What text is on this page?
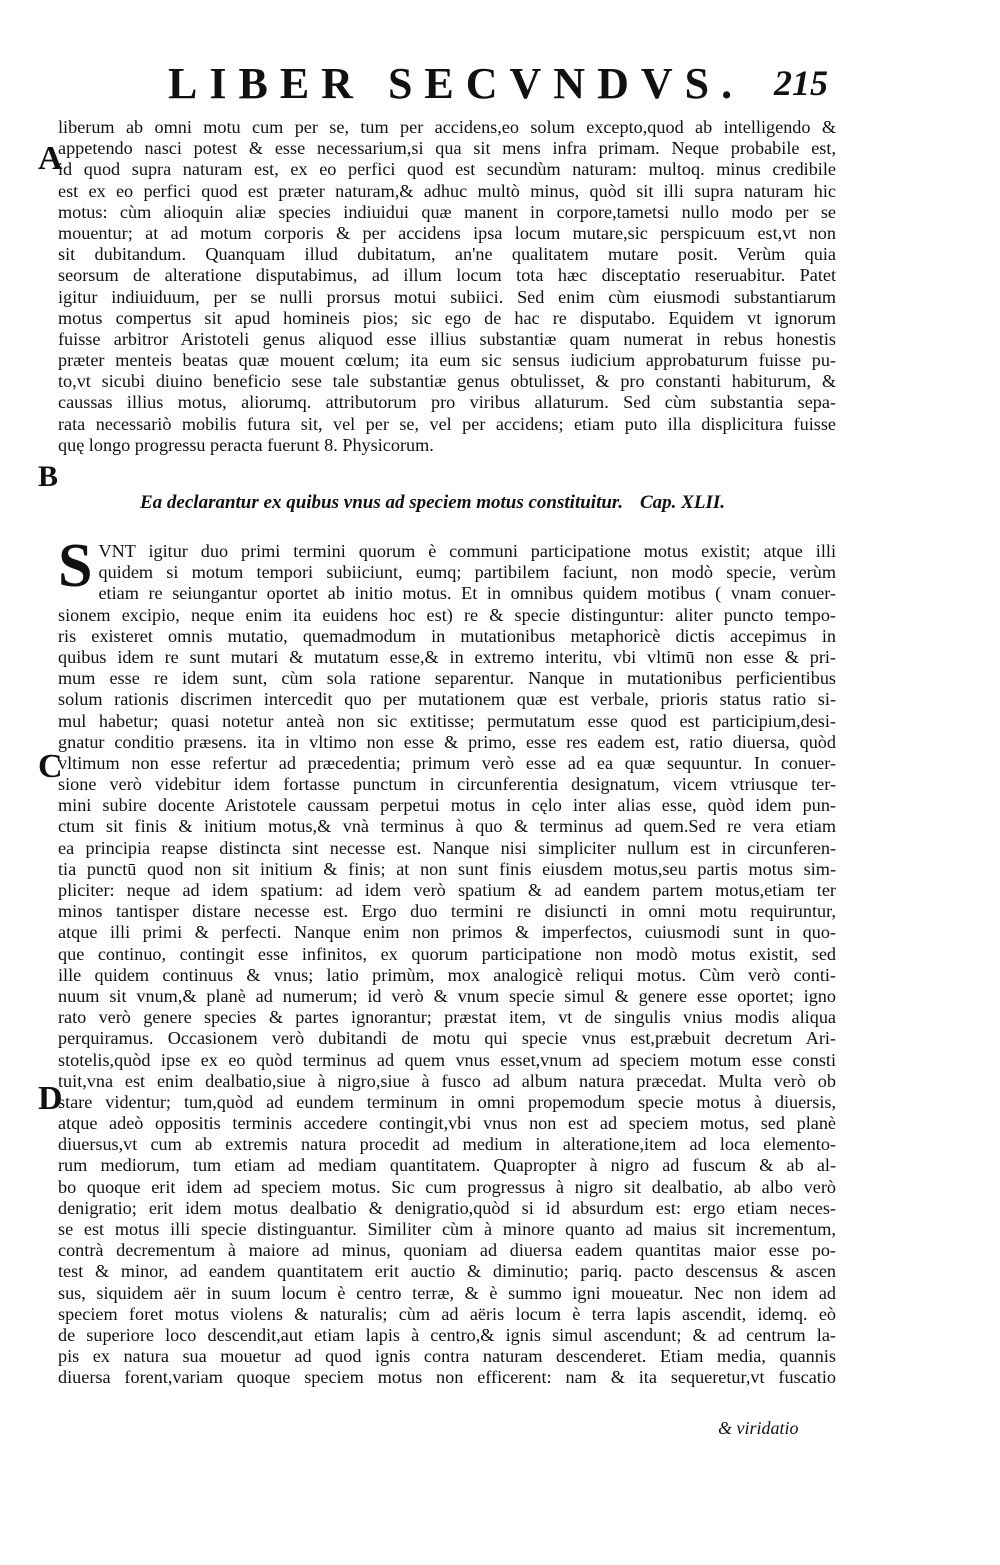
LIBER SECVNDVS. 215
A
B
C
D
liberum ab omni motu cum per se, tum per accidens,eo solum excepto,quod ab intelligendo &
appetendo nasci potest & esse necessarium,si qua sit mens infra primam. Neque probabile est,
id quod supra naturam est, ex eo perfici quod est secundùm naturam: multoq. minus credibile
est ex eo perfici quod est præter naturam,& adhuc multò minus, quòd sit illi supra naturam hic
motus: cùm alioquin aliæ species indiuidui quæ manent in corpore,tametsi nullo modo per se
mouentur; at ad motum corporis & per accidens ipsa locum mutare,sic perspicuum est,vt non
sit dubitandum. Quanquam illud dubitatum, an'ne qualitatem mutare posit. Verùm quia
seorsum de alteratione disputabimus, ad illum locum tota hæc disceptatio reseruabitur. Patet
igitur indiuiduum, per se nulli prorsus motui subiici. Sed enim cùm eiusmodi substantiarum
motus compertus sit apud homineis pios; sic ego de hac re disputabo. Equidem vt ignorum
fuisse arbitror Aristoteli genus aliquod esse illius substantiæ quam numerat in rebus honestis
præter menteis beatas quæ mouent cœlum; ita eum sic sensus iudicium approbaturum fuisse pu-
to,vt sicubi diuino beneficio sese tale substantiæ genus obtulisset, & pro constanti habiturum, &
caussas illius motus, aliorumq. attributorum pro viribus allaturum. Sed cùm substantia sepa-
rata necessariò mobilis futura sit, vel per se, vel per accidens; etiam puto illa displicitura fuisse
quę longo progressu peracta fuerunt 8. Physicorum.
Ea declarantur ex quibus vnus ad speciem motus constituitur. Cap. XLII.
S VNT igitur duo primi termini quorum è communi participatione motus existit; atque illi
quidem si motum tempori subiiciunt, eumq; partibilem faciunt, non modò specie, verùm
etiam re seiungantur oportet ab initio motus. Et in omnibus quidem motibus ( vnam conuer-
sionem excipio, neque enim ita euidens hoc est) re & specie distinguntur: aliter puncto tempo-
ris existeret omnis mutatio, quemadmodum in mutationibus metaphoricè dictis accepimus in
quibus idem re sunt mutari & mutatum esse,& in extremo interitu, vbi vltimū non esse & pri-
mum esse re idem sunt, cùm sola ratione separentur. Nanque in mutationibus perficientibus
solum rationis discrimen intercedit quo per mutationem quæ est verbale, prioris status ratio si-
mul habetur; quasi notetur anteà non sic extitisse; permutatum esse quod est participium,desi-
gnatur conditio præsens. ita in vltimo non esse & primo, esse res eadem est, ratio diuersa, quòd
vltimum non esse refertur ad præcedentia; primum verò esse ad ea quæ sequuntur. In conuer-
sione verò videbitur idem fortasse punctum in circunferentia designatum, vicem vtriusque ter-
mini subire docente Aristotele caussam perpetui motus in cęlo inter alias esse, quòd idem pun-
ctum sit finis & initium motus,& vnà terminus à quo & terminus ad quem.Sed re vera etiam
ea principia reapse distincta sint necesse est. Nanque nisi simpliciter nullum est in circunferen-
tia punctū quod non sit initium & finis; at non sunt finis eiusdem motus,seu partis motus sim-
pliciter: neque ad idem spatium: ad idem verò spatium & ad eandem partem motus,etiam ter
minos tantisper distare necesse est. Ergo duo termini re disiuncti in omni motu requiruntur,
atque illi primi & perfecti. Nanque enim non primos & imperfectos, cuiusmodi sunt in quo-
que continuo, contingit esse infinitos, ex quorum participatione non modò motus existit, sed
ille quidem continuus & vnus; latio primùm, mox analogicè reliqui motus. Cùm verò conti-
nuum sit vnum,& planè ad numerum; id verò & vnum specie simul & genere esse oportet; igno
rato verò genere species & partes ignorantur; præstat item, vt de singulis vnius modis aliqua
perquiramus. Occasionem verò dubitandi de motu qui specie vnus est,præbuit decretum Ari-
stotelis,quòd ipse ex eo quòd terminus ad quem vnus esset,vnum ad speciem motum esse consti
tuit,vna est enim dealbatio,siue à nigro,siue à fusco ad album natura præcedat. Multa verò ob
stare videntur; tum,quòd ad eundem terminum in omni propemodum specie motus à diuersis,
atque adeò oppositis terminis accedere contingit,vbi vnus non est ad speciem motus, sed planè
diuersus,vt cum ab extremis natura procedit ad medium in alteratione,item ad loca elemento-
rum mediorum, tum etiam ad mediam quantitatem. Quapropter à nigro ad fuscum & ab al-
bo quoque erit idem ad speciem motus. Sic cum progressus à nigro sit dealbatio, ab albo verò
denigratio; erit idem motus dealbatio & denigratio,quòd si id absurdum est: ergo etiam neces-
se est motus illi specie distinguantur. Similiter cùm à minore quanto ad maius sit incrementum,
contrà decrementum à maiore ad minus, quoniam ad diuersa eadem quantitas maior esse po-
test & minor, ad eandem quantitatem erit auctio & diminutio; pariq. pacto descensus & ascen
sus, siquidem aër in suum locum è centro terræ, & è summo igni moueatur. Nec non idem ad
speciem foret motus violens & naturalis; cùm ad aëris locum è terra lapis ascendit, idemq. eò
de superiore loco descendit,aut etiam lapis à centro,& ignis simul ascendunt; & ad centrum la-
pis ex natura sua mouetur ad quod ignis contra naturam descenderet. Etiam media, quannis
diuersa forent,variam quoque speciem motus non efficerent: nam & ita sequeretur,vt fuscatio
& viridatio
